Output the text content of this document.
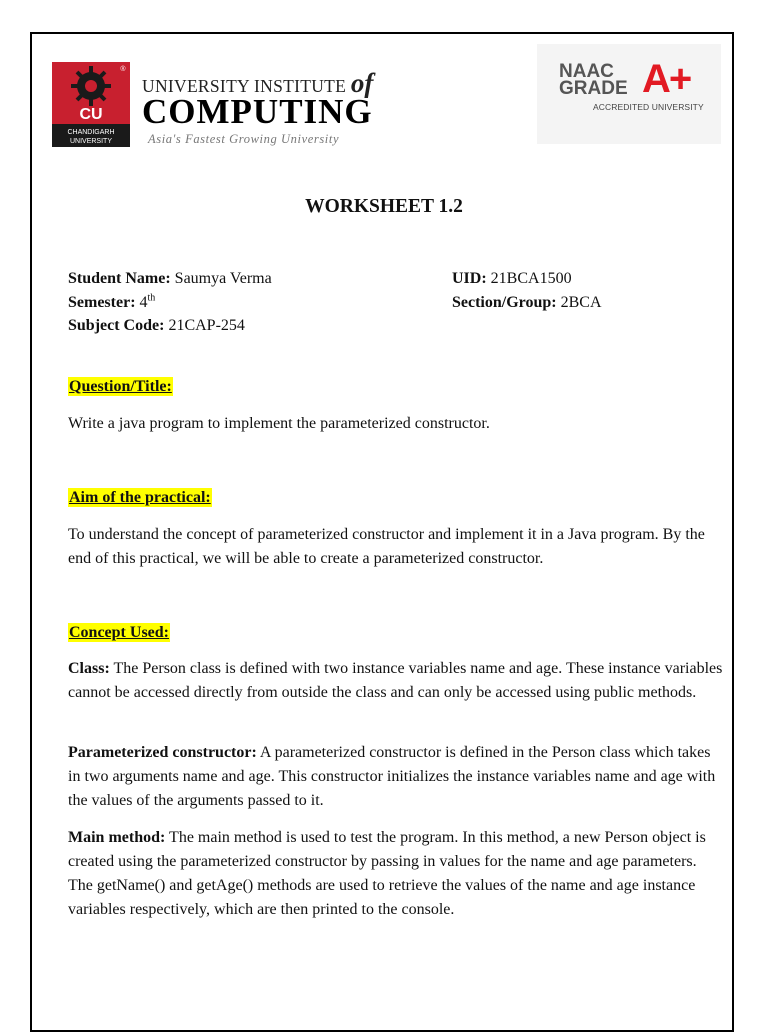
CU
CHANDIGARH
UNIVERSITY
®
UNIVERSITY INSTITUTE of
COMPUTING
Asia's Fastest Growing University
NAAC
GRADE A+
ACCREDITED UNIVERSITY
WORKSHEET 1.2
Student Name: Saumya Verma
Semester: 4th
Subject Code: 21CAP-254
UID: 21BCA1500
Section/Group: 2BCA
Question/Title:
Write a java program to implement the parameterized constructor.
Aim of the practical:
To understand the concept of parameterized constructor and implement it in a Java program. By the end of this practical, we will be able to create a parameterized constructor.
Concept Used:
Class: The Person class is defined with two instance variables name and age. These instance variables cannot be accessed directly from outside the class and can only be accessed using public methods.
Parameterized constructor: A parameterized constructor is defined in the Person class which takes in two arguments name and age. This constructor initializes the instance variables name and age with the values of the arguments passed to it.
Main method: The main method is used to test the program. In this method, a new Person object is created using the parameterized constructor by passing in values for the name and age parameters. The getName() and getAge() methods are used to retrieve the values of the name and age instance variables respectively, which are then printed to the console.
